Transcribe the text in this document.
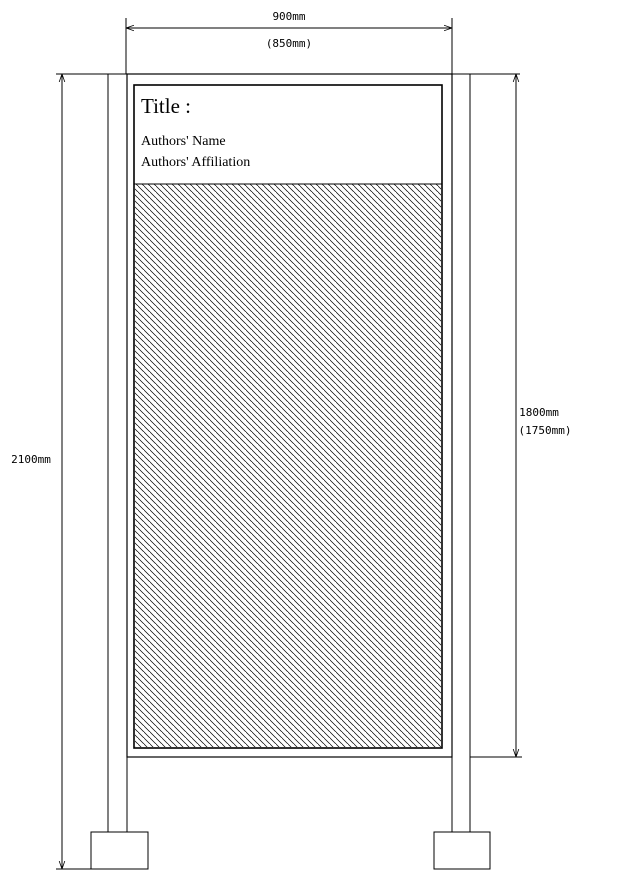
900mm
(850mm)
2100mm
1800mm
(1750mm)
Title :
Authors' Name
Authors' Affiliation
